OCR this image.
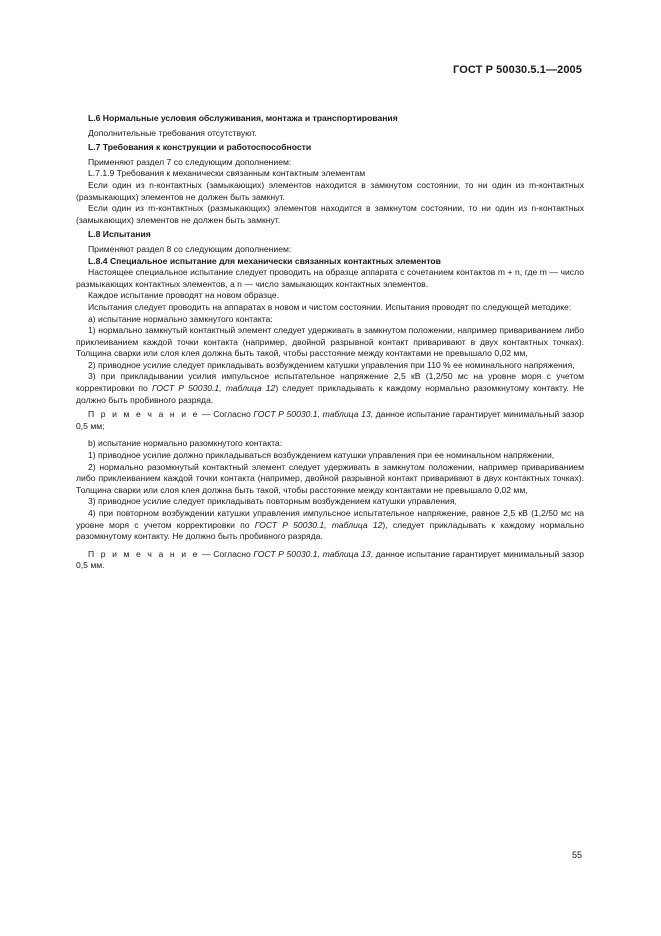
ГОСТ Р 50030.5.1—2005

L.6 Нормальные условия обслуживания, монтажа и транспортирования

Дополнительные требования отсутствуют.

L.7 Требования к конструкции и работоспособности

Применяют раздел 7 со следующим дополнением:

L.7.1.9 Требования к механически связанным контактным элементам

Если один из n-контактных (замыкающих) элементов находится в замкнутом состоянии, то ни один из m-контактных (размыкающих) элементов не должен быть замкнут.

Если один из m-контактных (размыкающих) элементов находится в замкнутом состоянии, то ни один из n-контактных (замыкающих) элементов не должен быть замкнут.

L.8 Испытания

Применяют раздел 8 со следующим дополнением:

L.8.4 Специальное испытание для механически связанных контактных элементов

Настоящее специальное испытание следует проводить на образце аппарата с сочетанием контактов m + n, где m — число размыкающих контактных элементов, а n — число замыкающих контактных элементов.

Каждое испытание проводят на новом образце.

Испытания следует проводить на аппаратах в новом и чистом состоянии. Испытания проводят по следующей методике:

a) испытание нормально замкнутого контакта:

1) нормально замкнутый контактный элемент следует удерживать в замкнутом положении, например привариванием либо приклеиванием каждой точки контакта (например, двойной разрывной контакт приваривают в двух контактных точках). Толщина сварки или слоя клея должна быть такой, чтобы расстояние между контактами не превышало 0,02 мм,

2) приводное усилие следует прикладывать возбуждением катушки управления при 110 % ее номинального напряжения,

3) при прикладывании усилия импульсное испытательное напряжение 2,5 кВ (1,2/50 мс на уровне моря с учетом корректировки по ГОСТ Р 50030.1, таблица 12) следует прикладывать к каждому нормально разомкнутому контакту. Не должно быть пробивного разряда.

П р и м е ч а н и е — Согласно ГОСТ Р 50030.1, таблица 13, данное испытание гарантирует минимальный зазор 0,5 мм;

b) испытание нормально разомкнутого контакта:

1) приводное усилие должно прикладываться возбуждением катушки управления при ее номинальном напряжении,

2) нормально разомкнутый контактный элемент следует удерживать в замкнутом положении, например привариванием либо приклеиванием каждой точки контакта (например, двойной разрывной контакт приваривают в двух контактных точках). Толщина сварки или слоя клея должна быть такой, чтобы расстояние между контактами не превышало 0,02 мм,

3) приводное усилие следует прикладывать повторным возбуждением катушки управления,

4) при повторном возбуждении катушки управления импульсное испытательное напряжение, равное 2,5 кВ (1,2/50 мс на уровне моря с учетом корректировки по ГОСТ Р 50030.1, таблица 12), следует прикладывать к каждому нормально разомкнутому контакту. Не должно быть пробивного разряда.

П р и м е ч а н и е — Согласно ГОСТ Р 50030.1, таблица 13, данное испытание гарантирует минимальный зазор 0,5 мм.

55
